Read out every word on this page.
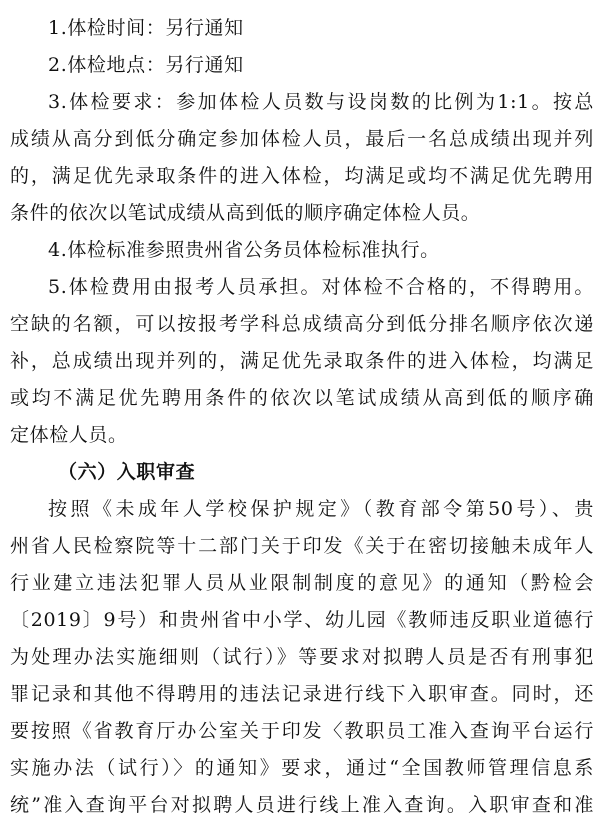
1.体检时间：另行通知
2.体检地点：另行通知
3.体检要求：参加体检人员数与设岗数的比例为1:1。按总
成绩从高分到低分确定参加体检人员，最后一名总成绩出现并列
的，满足优先录取条件的进入体检，均满足或均不满足优先聘用
条件的依次以笔试成绩从高到低的顺序确定体检人员。
4.体检标准参照贵州省公务员体检标准执行。
5.体检费用由报考人员承担。对体检不合格的，不得聘用。
空缺的名额，可以按报考学科总成绩高分到低分排名顺序依次递
补，总成绩出现并列的，满足优先录取条件的进入体检，均满足
或均不满足优先聘用条件的依次以笔试成绩从高到低的顺序确
定体检人员。
（六）入职审查
按照《未成年人学校保护规定》（教育部令第50号）、贵
州省人民检察院等十二部门关于印发《关于在密切接触未成年人
行业建立违法犯罪人员从业限制制度的意见》的通知（黔检会
〔2019〕9号）和贵州省中小学、幼儿园《教师违反职业道德行
为处理办法实施细则（试行）》等要求对拟聘人员是否有刑事犯
罪记录和其他不得聘用的违法记录进行线下入职审查。同时，还
要按照《省教育厅办公室关于印发〈教职员工准入查询平台运行
实施办法（试行）〉的通知》要求，通过“全国教师管理信息系
统”准入查询平台对拟聘人员进行线上准入查询。入职审查和准
